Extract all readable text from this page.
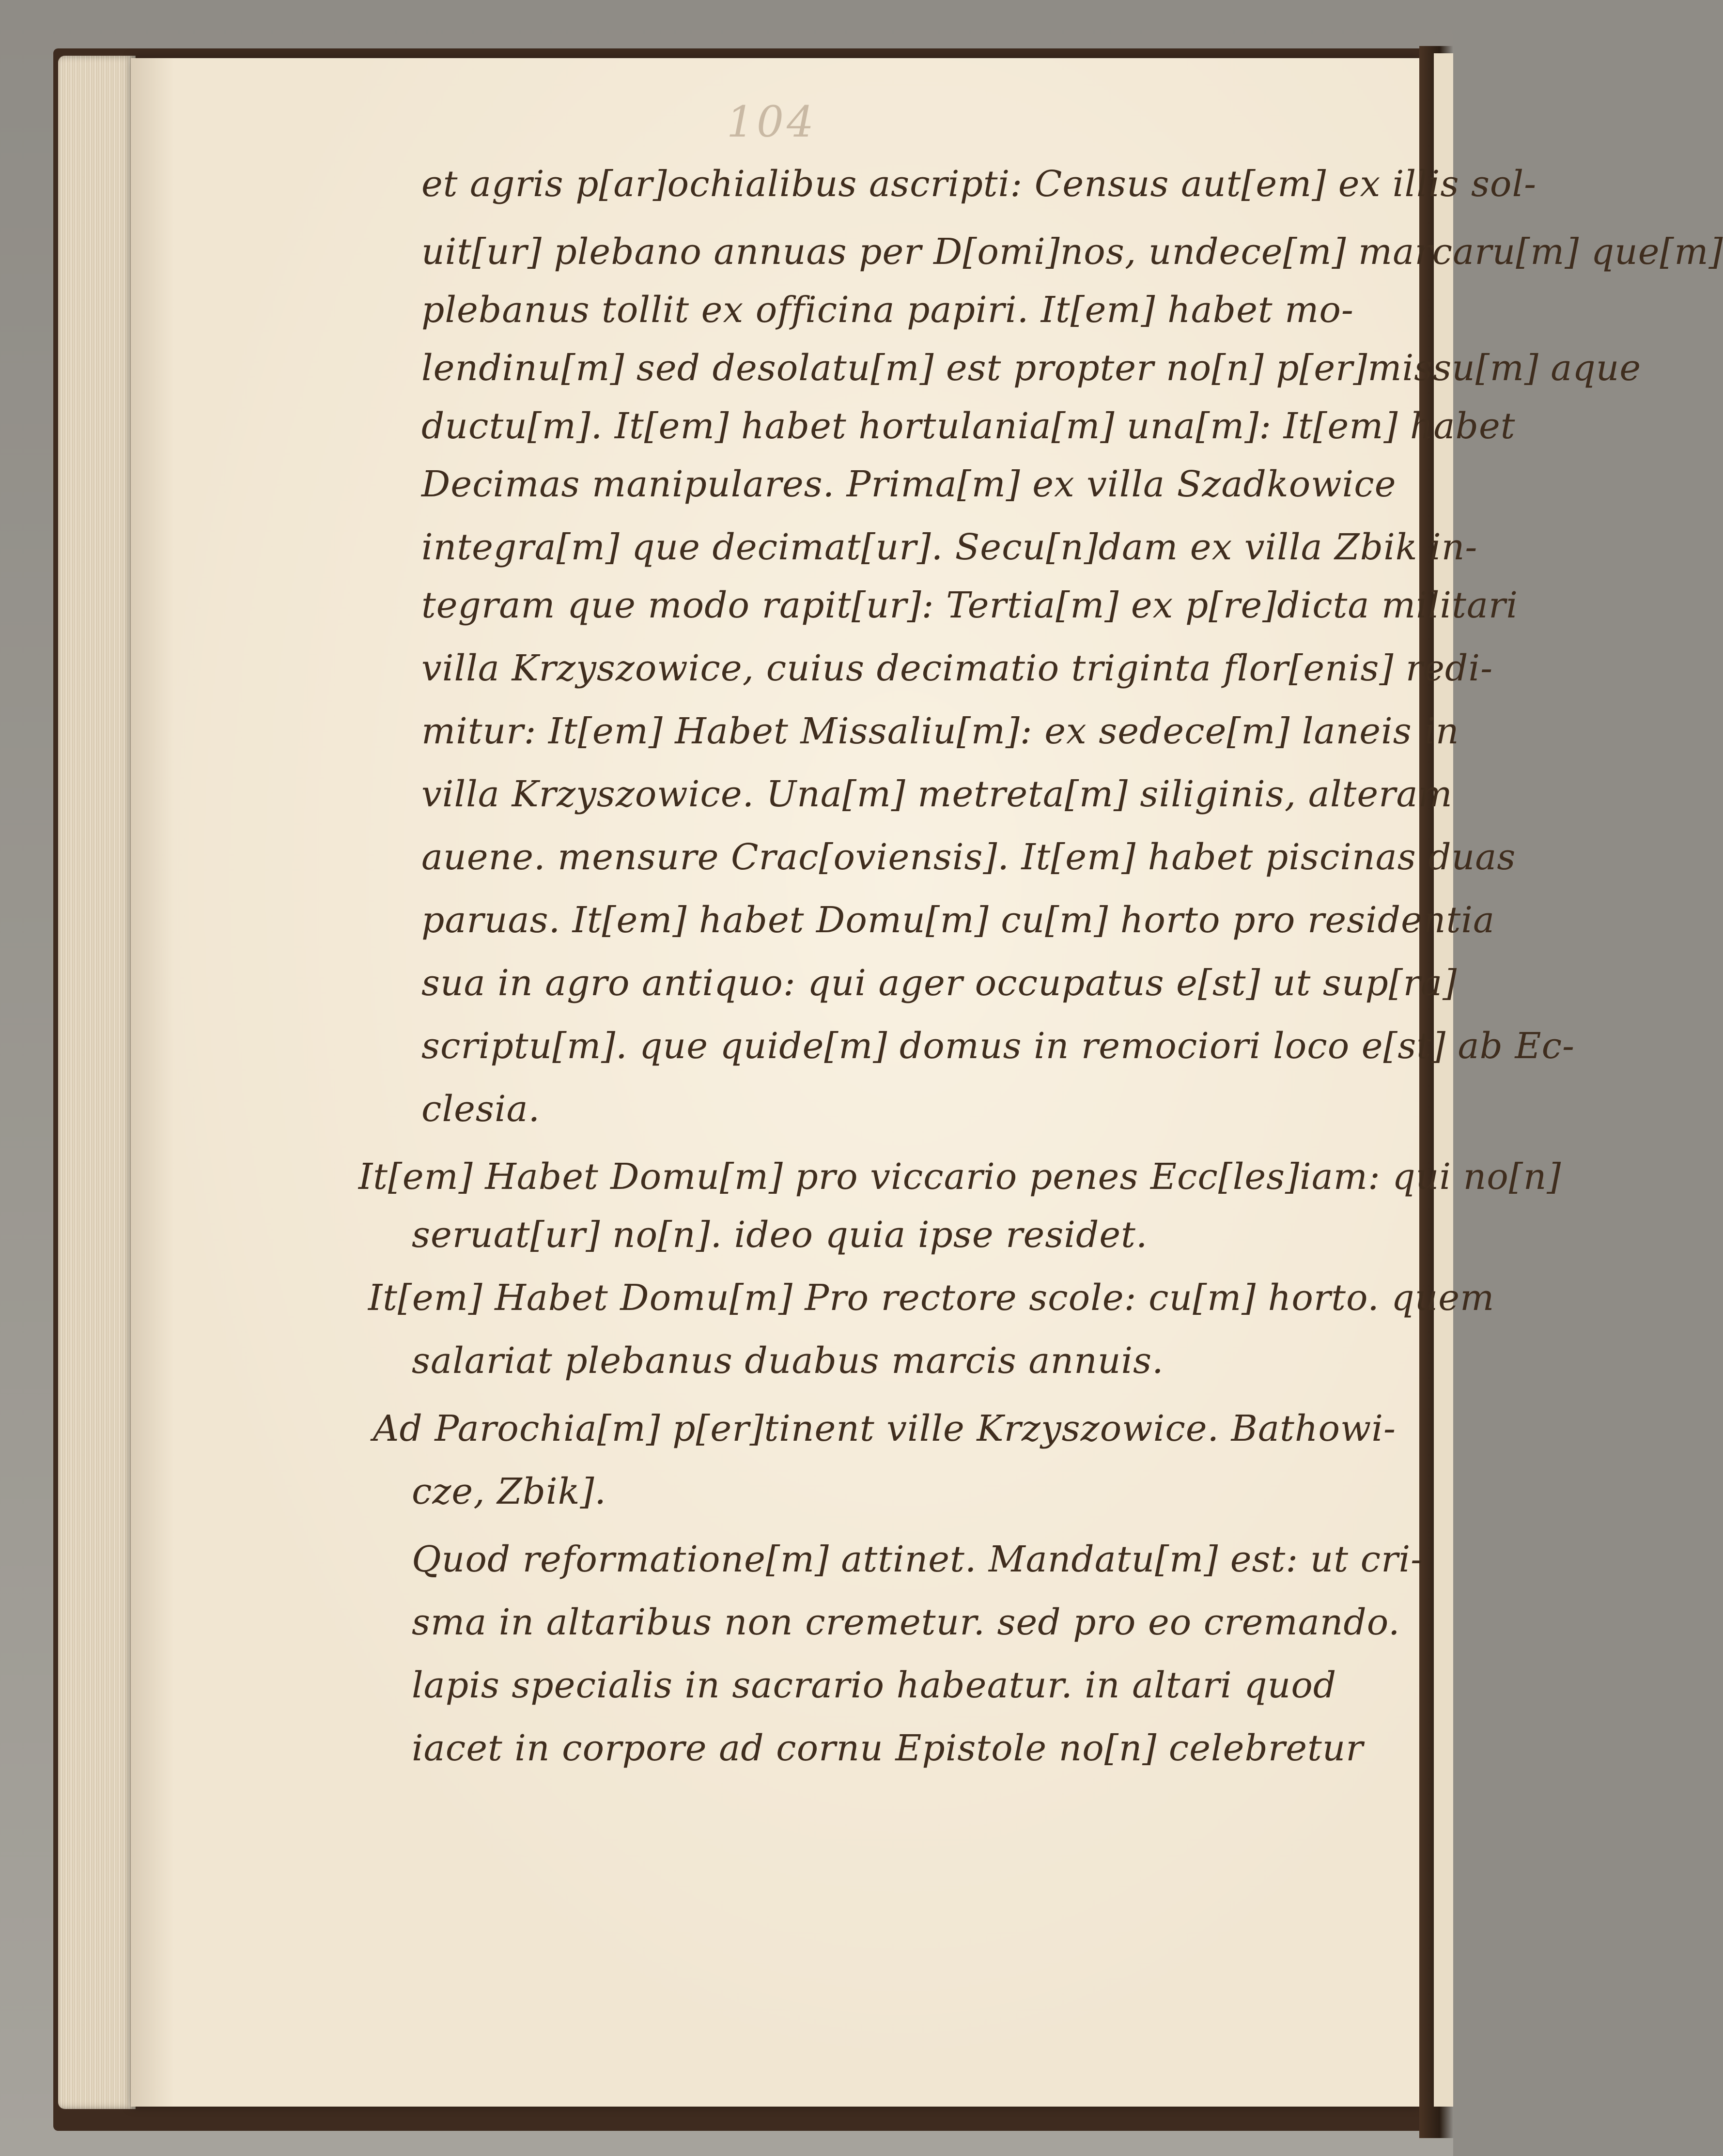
104
et agris p[ar]ochialibus ascripti: Census aut[em] ex illis sol-
uit[ur] plebano annuas per D[omi]nos, undece[m] marcaru[m] que[m]
plebanus tollit ex officina papiri. It[em] habet mo-
lendinu[m] sed desolatu[m] est propter no[n] p[er]missu[m] aque
ductu[m]. It[em] habet hortulania[m] una[m]: It[em] habet
Decimas manipulares. Prima[m] ex villa Szadkowice
integra[m] que decimat[ur]. Secu[n]dam ex villa Zbik in-
tegram que modo rapit[ur]: Tertia[m] ex p[re]dicta militari
villa Krzyszowice, cuius decimatio triginta flor[enis] redi-
mitur: It[em] Habet Missaliu[m]: ex sedece[m] laneis in
villa Krzyszowice. Una[m] metreta[m] siliginis, alteram
auene. mensure Crac[oviensis]. It[em] habet piscinas duas
paruas. It[em] habet Domu[m] cu[m] horto pro residentia
sua in agro antiquo: qui ager occupatus e[st] ut sup[ra]
scriptu[m]. que quide[m] domus in remociori loco e[st] ab Ec-
clesia.
It[em] Habet Domu[m] pro viccario penes Ecc[les]iam: qui no[n]
seruat[ur] no[n]. ideo quia ipse residet.
It[em] Habet Domu[m] Pro rectore scole: cu[m] horto. quem
salariat plebanus duabus marcis annuis.
Ad Parochia[m] p[er]tinent ville Krzyszowice. Bathowi-
cze, Zbik].
Quod reformatione[m] attinet. Mandatu[m] est: ut cri-
sma in altaribus non cremetur. sed pro eo cremando.
lapis specialis in sacrario habeatur. in altari quod
iacet in corpore ad cornu Epistole no[n] celebretur
